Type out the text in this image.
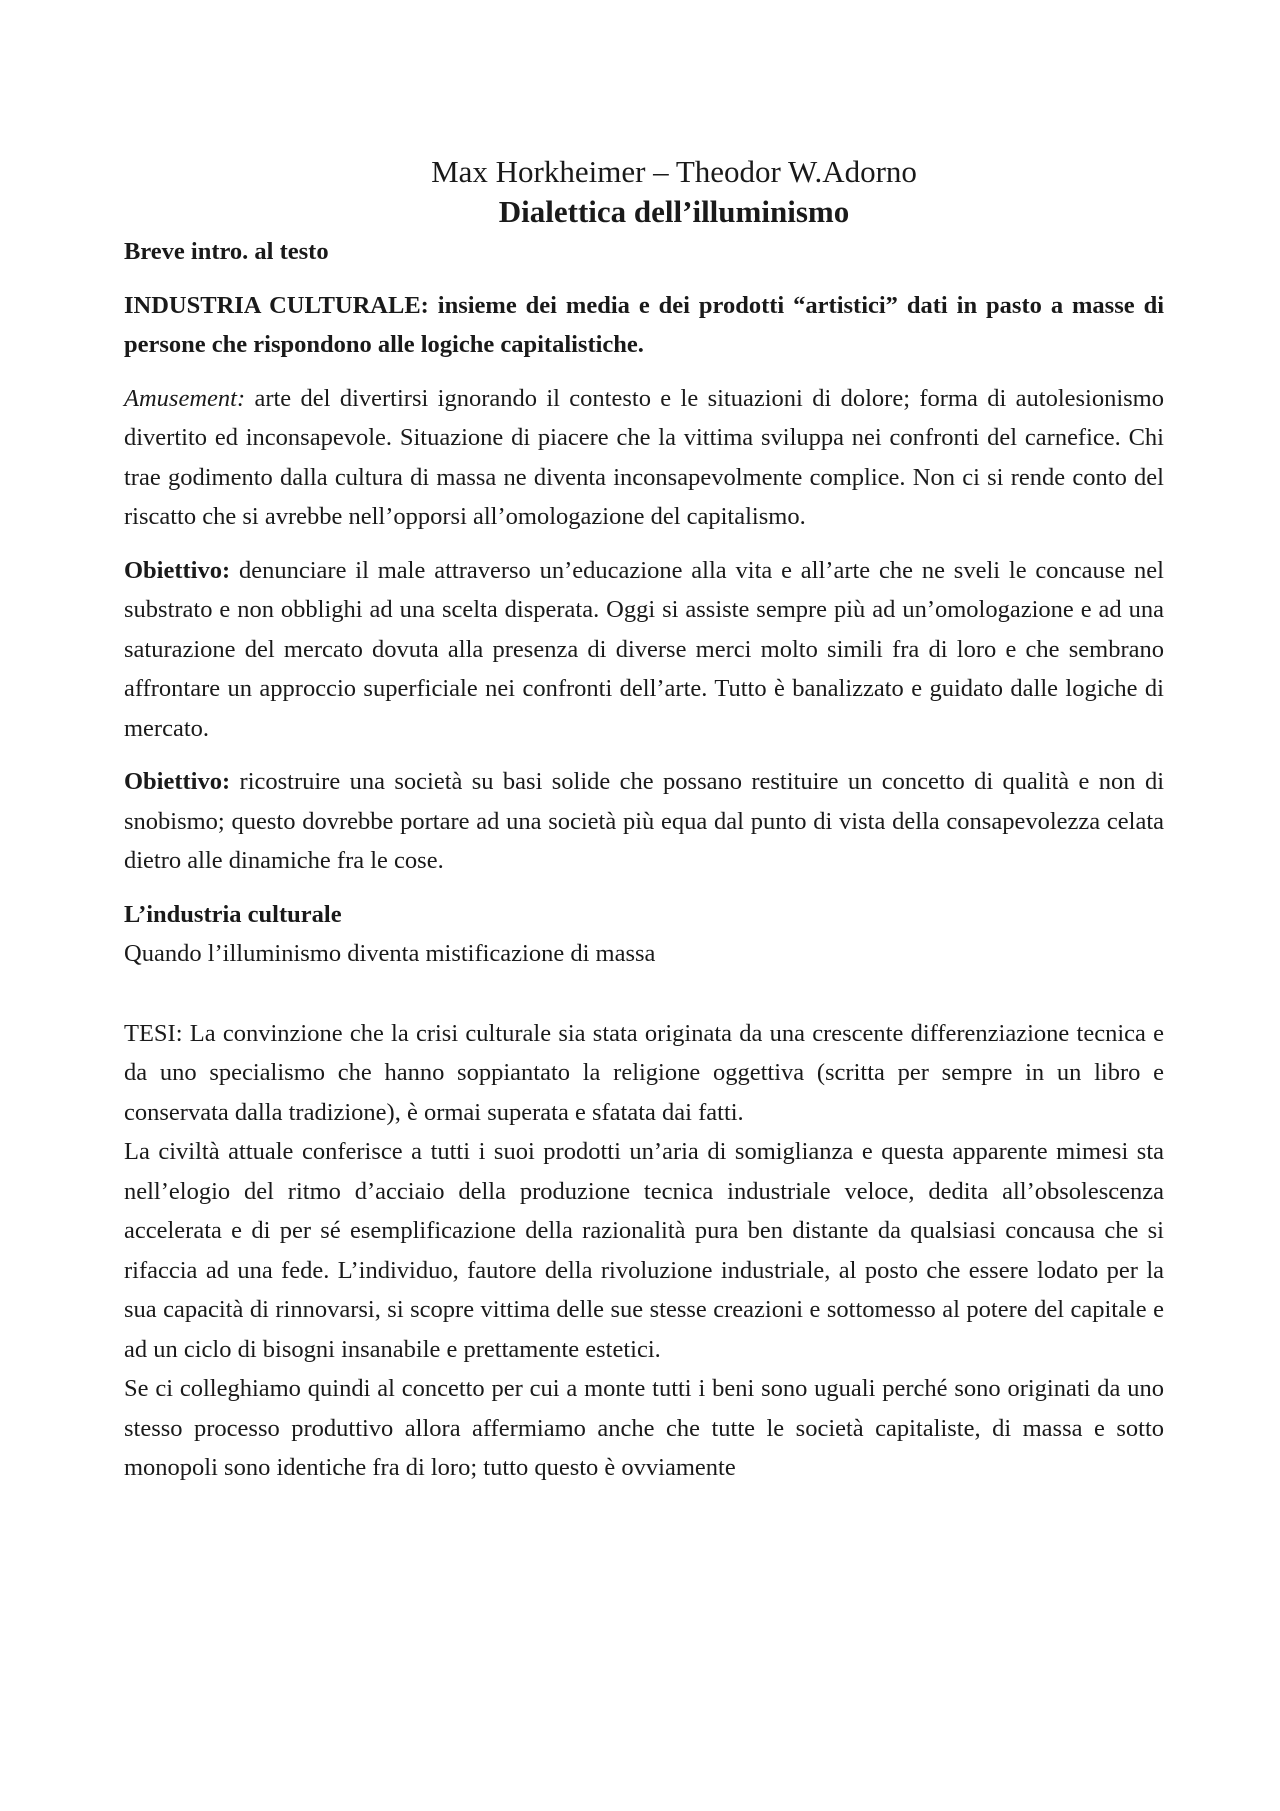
Max Horkheimer – Theodor W.Adorno
Dialettica dell’illuminismo
Breve intro. al testo

INDUSTRIA CULTURALE: insieme dei media e dei prodotti “artistici” dati in pasto a masse di persone che rispondono alle logiche capitalistiche.

Amusement: arte del divertirsi ignorando il contesto e le situazioni di dolore; forma di autolesionismo divertito ed inconsapevole. Situazione di piacere che la vittima sviluppa nei confronti del carnefice. Chi trae godimento dalla cultura di massa ne diventa inconsapevolmente complice. Non ci si rende conto del riscatto che si avrebbe nell’opporsi all’omologazione del capitalismo.

Obiettivo: denunciare il male attraverso un’educazione alla vita e all’arte che ne sveli le concause nel substrato e non obblighi ad una scelta disperata. Oggi si assiste sempre più ad un’omologazione e ad una saturazione del mercato dovuta alla presenza di diverse merci molto simili fra di loro e che sembrano affrontare un approccio superficiale nei confronti dell’arte. Tutto è banalizzato e guidato dalle logiche di mercato.

Obiettivo: ricostruire una società su basi solide che possano restituire un concetto di qualità e non di snobismo; questo dovrebbe portare ad una società più equa dal punto di vista della consapevolezza celata dietro alle dinamiche fra le cose.

L’industria culturale
Quando l’illuminismo diventa mistificazione di massa

TESI: La convinzione che la crisi culturale sia stata originata da una crescente differenziazione tecnica e da uno specialismo che hanno soppiantato la religione oggettiva (scritta per sempre in un libro e conservata dalla tradizione), è ormai superata e sfatata dai fatti.

La civiltà attuale conferisce a tutti i suoi prodotti un’aria di somiglianza e questa apparente mimesi sta nell’elogio del ritmo d’acciaio della produzione tecnica industriale veloce, dedita all’obsolescenza accelerata e di per sé esemplificazione della razionalità pura ben distante da qualsiasi concausa che si rifaccia ad una fede. L’individuo, fautore della rivoluzione industriale, al posto che essere lodato per la sua capacità di rinnovarsi, si scopre vittima delle sue stesse creazioni e sottomesso al potere del capitale e ad un ciclo di bisogni insanabile e prettamente estetici.

Se ci colleghiamo quindi al concetto per cui a monte tutti i beni sono uguali perché sono originati da uno stesso processo produttivo allora affermiamo anche che tutte le società capitaliste, di massa e sotto monopoli sono identiche fra di loro; tutto questo è ovviamente
